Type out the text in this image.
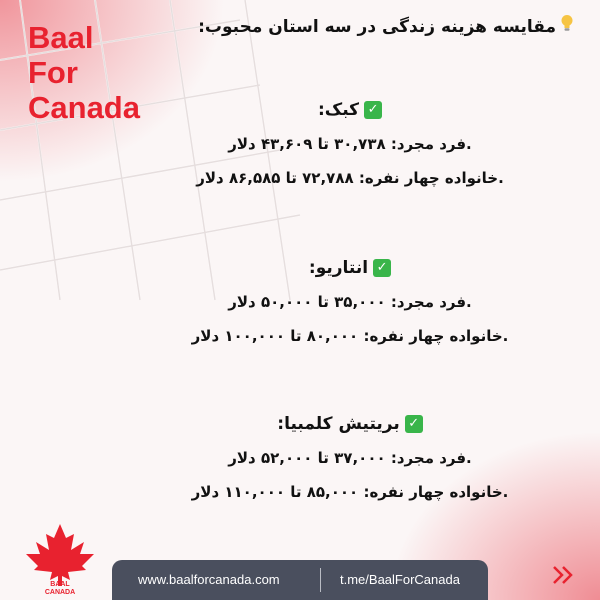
Baal
For
Canada
مقایسه هزینه زندگی در سه استان محبوب:
✓کبک:
.فرد مجرد: ۳۰,۷۳۸ تا ۴۳,۶۰۹ دلار
.خانواده چهار نفره: ۷۲,۷۸۸ تا ۸۶,۵۸۵ دلار
✓انتاریو:
.فرد مجرد: ۳۵,۰۰۰ تا ۵۰,۰۰۰ دلار
.خانواده چهار نفره: ۸۰,۰۰۰ تا ۱۰۰,۰۰۰ دلار
✓بریتیش کلمبیا:
.فرد مجرد: ۳۷,۰۰۰ تا ۵۲,۰۰۰ دلار
.خانواده چهار نفره: ۸۵,۰۰۰ تا ۱۱۰,۰۰۰ دلار
BAAL
CANADA
www.baalforcanada.com	t.me/BaalForCanada
